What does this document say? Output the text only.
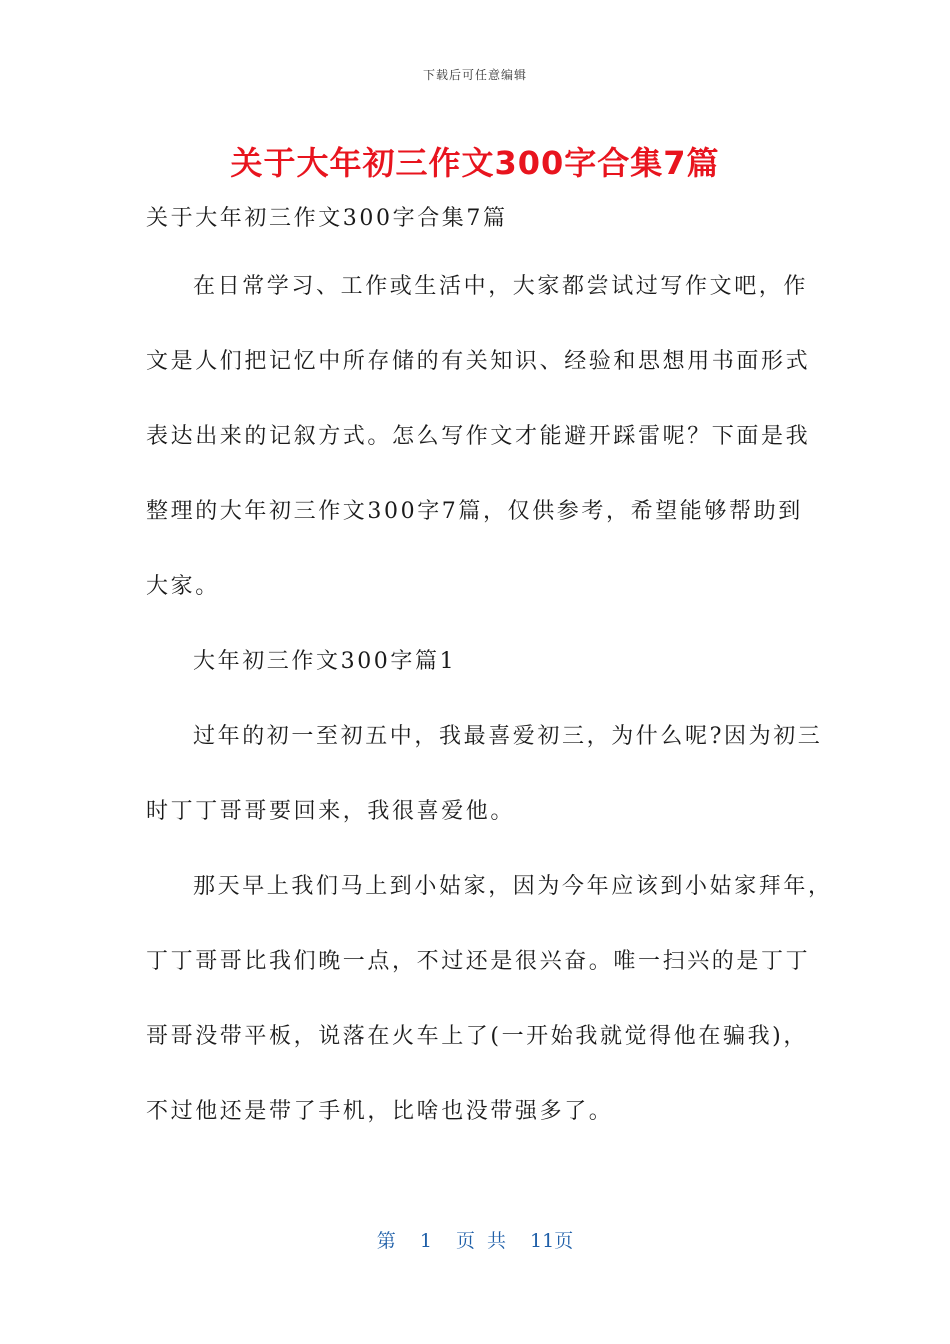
下载后可任意编辑
关于大年初三作文300字合集7篇
关于大年初三作文300字合集7篇
在日常学习、工作或生活中，大家都尝试过写作文吧，作
文是人们把记忆中所存储的有关知识、经验和思想用书面形式
表达出来的记叙方式。怎么写作文才能避开踩雷呢？下面是我
整理的大年初三作文300字7篇，仅供参考，希望能够帮助到
大家。
大年初三作文300字篇1
过年的初一至初五中，我最喜爱初三，为什么呢?因为初三
时丁丁哥哥要回来，我很喜爱他。
那天早上我们马上到小姑家，因为今年应该到小姑家拜年，
丁丁哥哥比我们晚一点，不过还是很兴奋。唯一扫兴的是丁丁
哥哥没带平板，说落在火车上了(一开始我就觉得他在骗我)，
不过他还是带了手机，比啥也没带强多了。
第 1 页 共 11页
